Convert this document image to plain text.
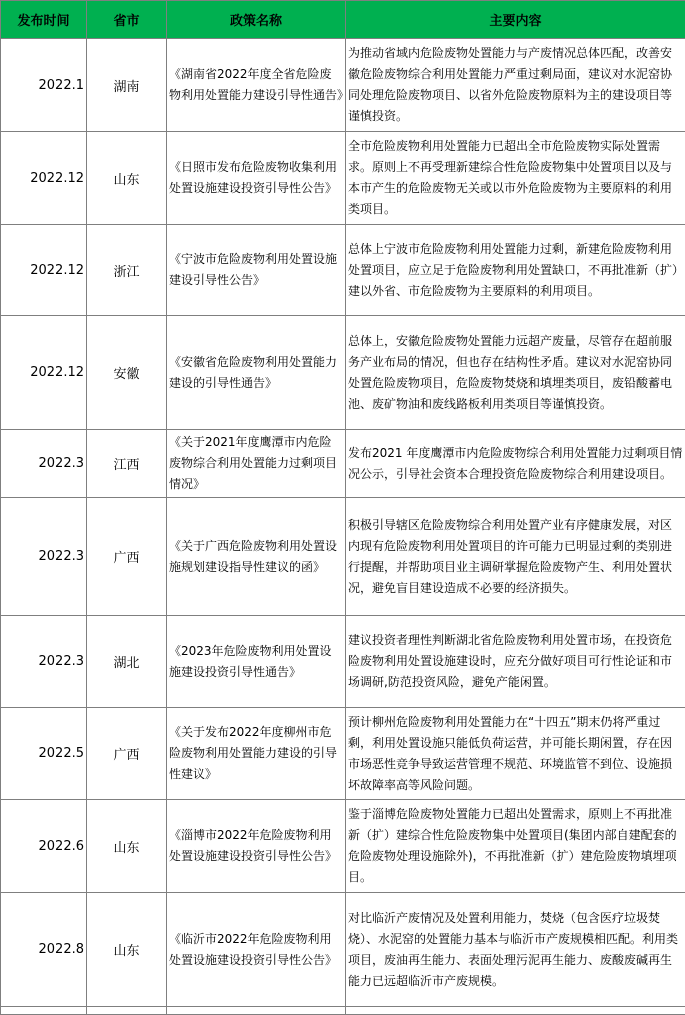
发布时间	省市	政策名称	主要内容
2022.1	湖南	《湖南省2022年度全省危险废物利用处置能力建设引导性通告》	为推动省域内危险废物处置能力与产废情况总体匹配，改善安徽危险废物综合利用处置能力严重过剩局面，建议对水泥窑协同处理危险废物项目、以省外危险废物原料为主的建设项目等谨慎投资。
2022.12	山东	《日照市发布危险废物收集利用处置设施建设投资引导性公告》	全市危险废物利用处置能力已超出全市危险废物实际处置需求。原则上不再受理新建综合性危险废物集中处置项目以及与本市产生的危险废物无关或以市外危险废物为主要原料的利用类项目。
2022.12	浙江	《宁波市危险废物利用处置设施建设引导性公告》	总体上宁波市危险废物利用处置能力过剩，新建危险废物利用处置项目，应立足于危险废物利用处置缺口，不再批准新（扩）建以外省、市危险废物为主要原料的利用项目。
2022.12	安徽	《安徽省危险废物利用处置能力建设的引导性通告》	总体上，安徽危险废物处置能力远超产废量，尽管存在超前服务产业布局的情况，但也存在结构性矛盾。建议对水泥窑协同处置危险废物项目，危险废物焚烧和填埋类项目，废铅酸蓄电池、废矿物油和废线路板利用类项目等谨慎投资。
2022.3	江西	《关于2021年度鹰潭市内危险废物综合利用处置能力过剩项目情况》	发布2021 年度鹰潭市内危险废物综合利用处置能力过剩项目情况公示，引导社会资本合理投资危险废物综合利用建设项目。
2022.3	广西	《关于广西危险废物利用处置设施规划建设指导性建议的函》	积极引导辖区危险废物综合利用处置产业有序健康发展，对区内现有危险废物利用处置项目的许可能力已明显过剩的类别进行提醒，并帮助项目业主调研掌握危险废物产生、利用处置状况，避免盲目建设造成不必要的经济损失。
2022.3	湖北	《2023年危险废物利用处置设施建设投资引导性通告》	建议投资者理性判断湖北省危险废物利用处置市场，在投资危险废物利用处置设施建设时，应充分做好项目可行性论证和市场调研,防范投资风险，避免产能闲置。
2022.5	广西	《关于发布2022年度柳州市危险废物利用处置能力建设的引导性建议》	预计柳州危险废物利用处置能力在“十四五”期末仍将严重过剩，利用处置设施只能低负荷运营，并可能长期闲置，存在因市场恶性竞争导致运营管理不规范、环境监管不到位、设施损坏故障率高等风险问题。
2022.6	山东	《淄博市2022年危险废物利用处置设施建设投资引导性公告》	鉴于淄博危险废物处置能力已超出处置需求，原则上不再批准新（扩）建综合性危险废物集中处置项目(集团内部自建配套的危险废物处理设施除外)，不再批准新（扩）建危险废物填埋项目。
2022.8	山东	《临沂市2022年危险废物利用处置设施建设投资引导性公告》	对比临沂产废情况及处置利用能力，焚烧（包含医疗垃圾焚烧）、水泥窑的处置能力基本与临沂市产废规模相匹配。利用类项目，废油再生能力、表面处理污泥再生能力、废酸废碱再生能力已远超临沂市产废规模。
